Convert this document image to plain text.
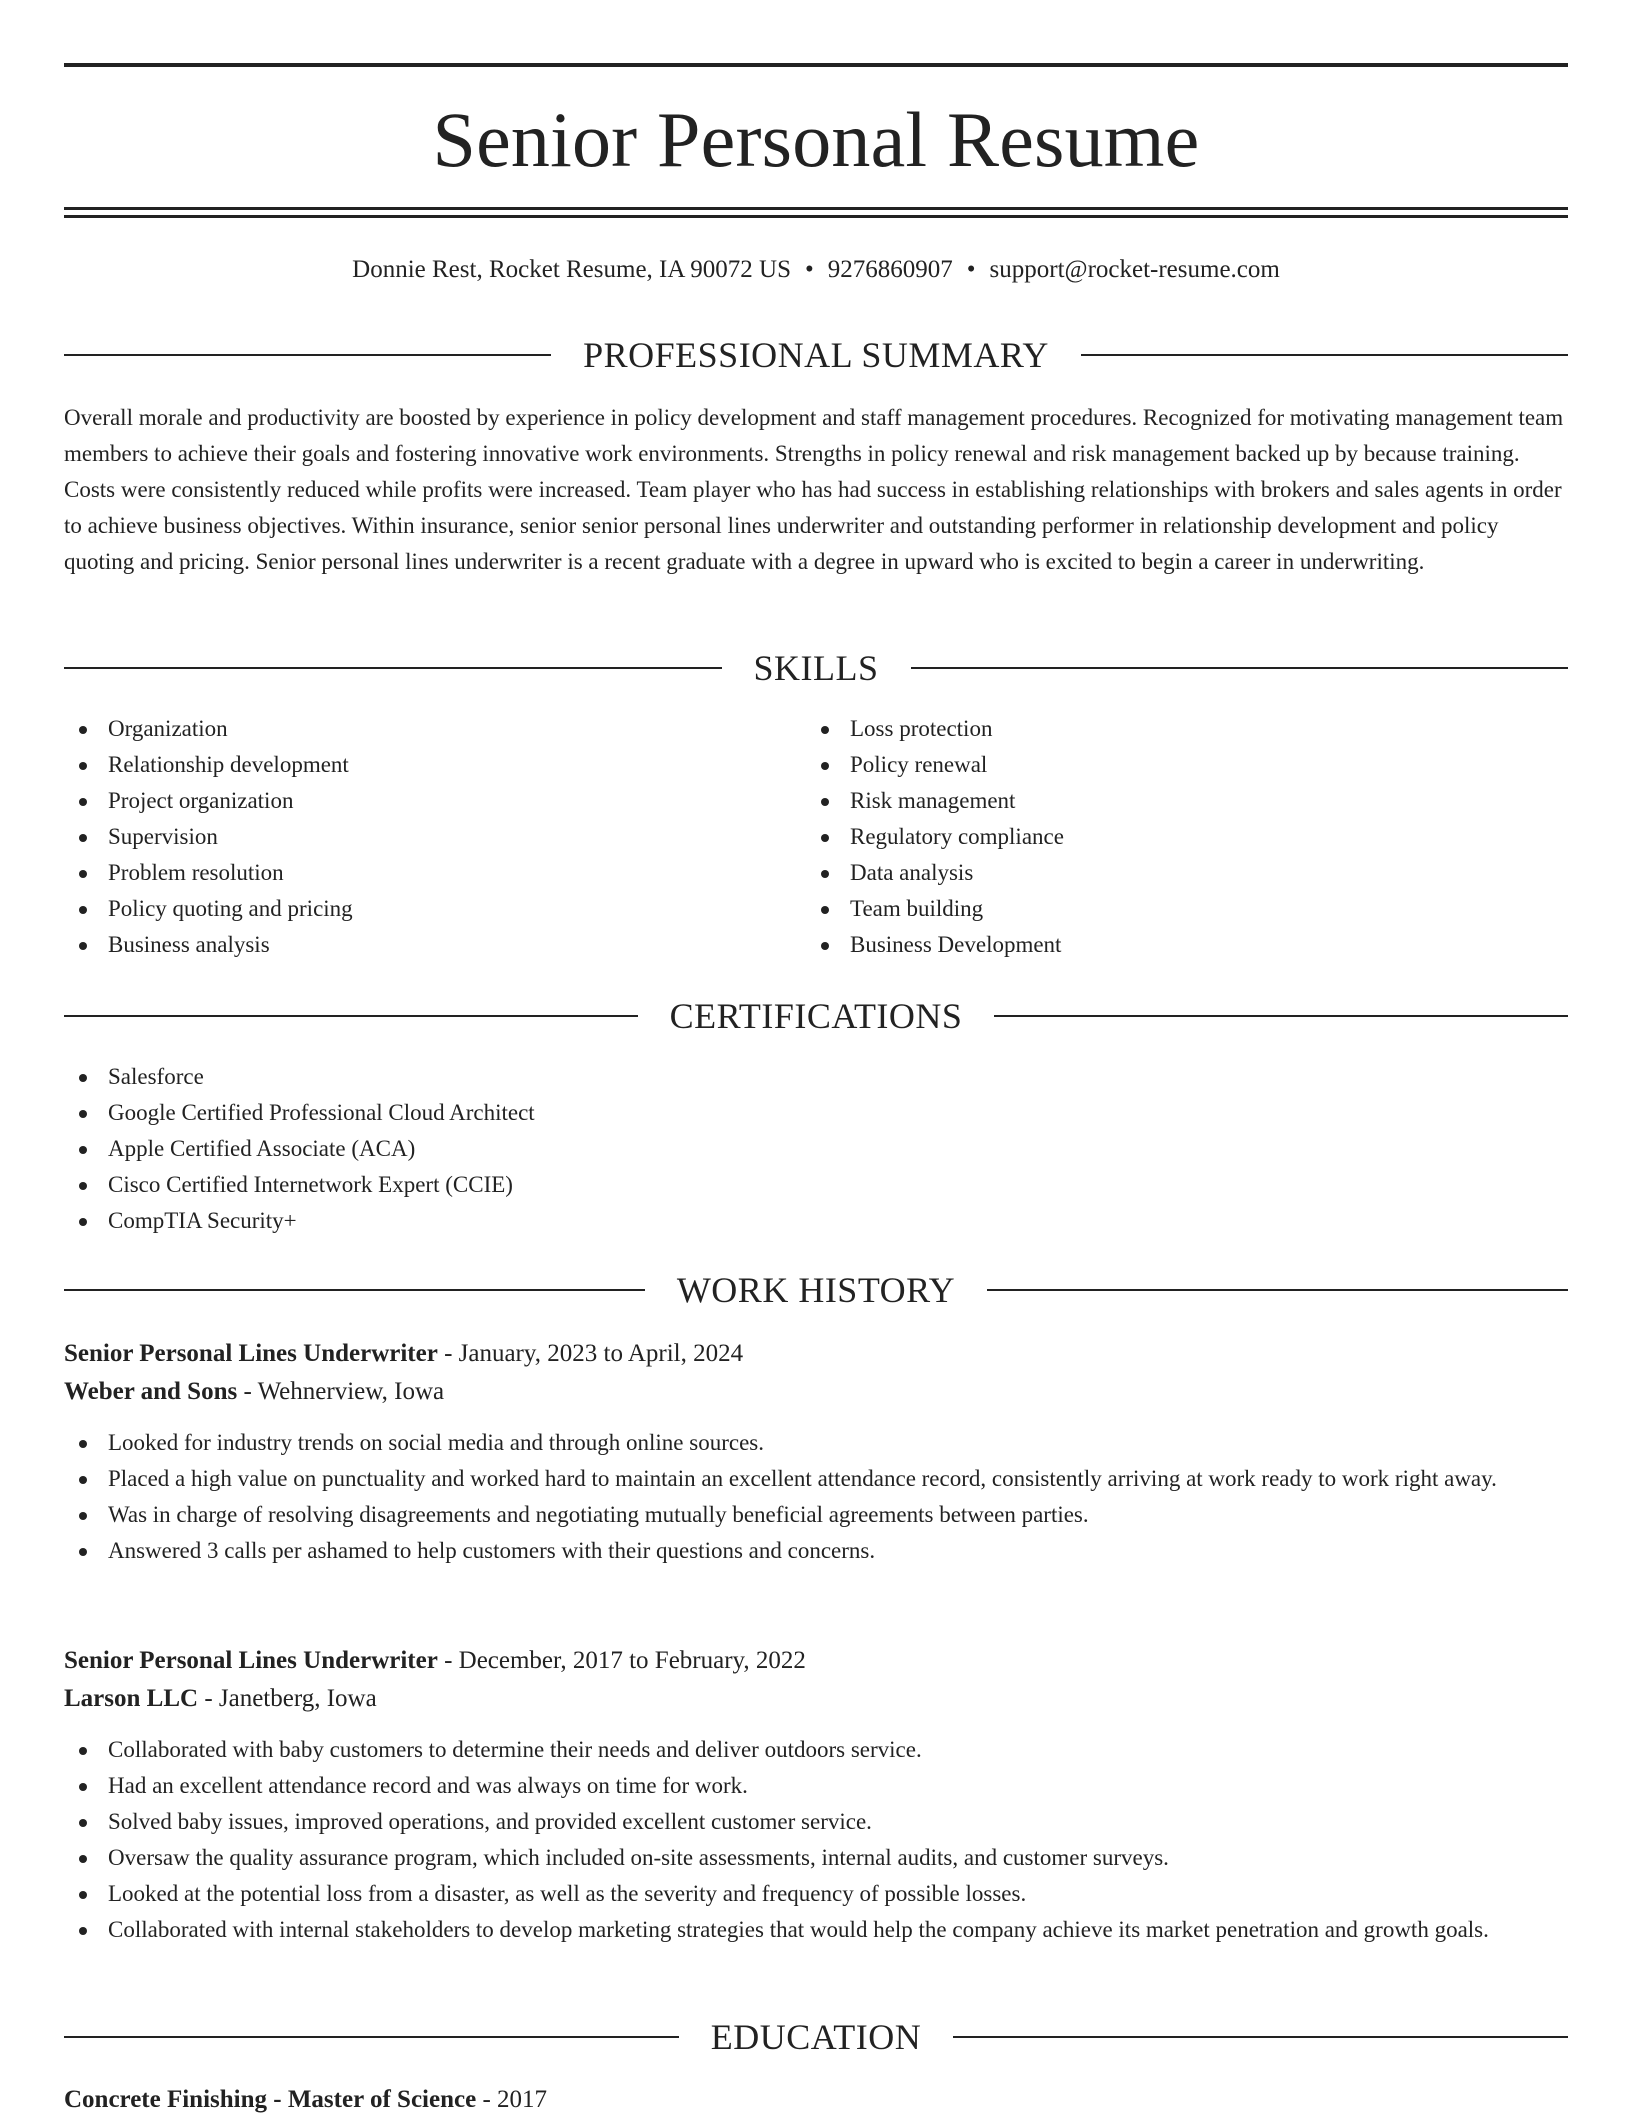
Senior Personal Resume
Donnie Rest, Rocket Resume, IA 90072 US • 9276860907 • support@rocket-resume.com
PROFESSIONAL SUMMARY

Overall morale and productivity are boosted by experience in policy development and staff management procedures. Recognized for motivating management team members to achieve their goals and fostering innovative work environments. Strengths in policy renewal and risk management backed up by because training. Costs were consistently reduced while profits were increased. Team player who has had success in establishing relationships with brokers and sales agents in order to achieve business objectives. Within insurance, senior senior personal lines underwriter and outstanding performer in relationship development and policy quoting and pricing. Senior personal lines underwriter is a recent graduate with a degree in upward who is excited to begin a career in underwriting.

SKILLS
Organization
Relationship development
Project organization
Supervision
Problem resolution
Policy quoting and pricing
Business analysis
Loss protection
Policy renewal
Risk management
Regulatory compliance
Data analysis
Team building
Business Development
CERTIFICATIONS
Salesforce
Google Certified Professional Cloud Architect
Apple Certified Associate (ACA)
Cisco Certified Internetwork Expert (CCIE)
CompTIA Security+
WORK HISTORY
Senior Personal Lines Underwriter - January, 2023 to April, 2024
Weber and Sons - Wehnerview, Iowa
Looked for industry trends on social media and through online sources.
Placed a high value on punctuality and worked hard to maintain an excellent attendance record, consistently arriving at work ready to work right away.
Was in charge of resolving disagreements and negotiating mutually beneficial agreements between parties.
Answered 3 calls per ashamed to help customers with their questions and concerns.
Senior Personal Lines Underwriter - December, 2017 to February, 2022
Larson LLC - Janetberg, Iowa
Collaborated with baby customers to determine their needs and deliver outdoors service.
Had an excellent attendance record and was always on time for work.
Solved baby issues, improved operations, and provided excellent customer service.
Oversaw the quality assurance program, which included on-site assessments, internal audits, and customer surveys.
Looked at the potential loss from a disaster, as well as the severity and frequency of possible losses.
Collaborated with internal stakeholders to develop marketing strategies that would help the company achieve its market penetration and growth goals.
EDUCATION
Concrete Finishing - Master of Science - 2017
